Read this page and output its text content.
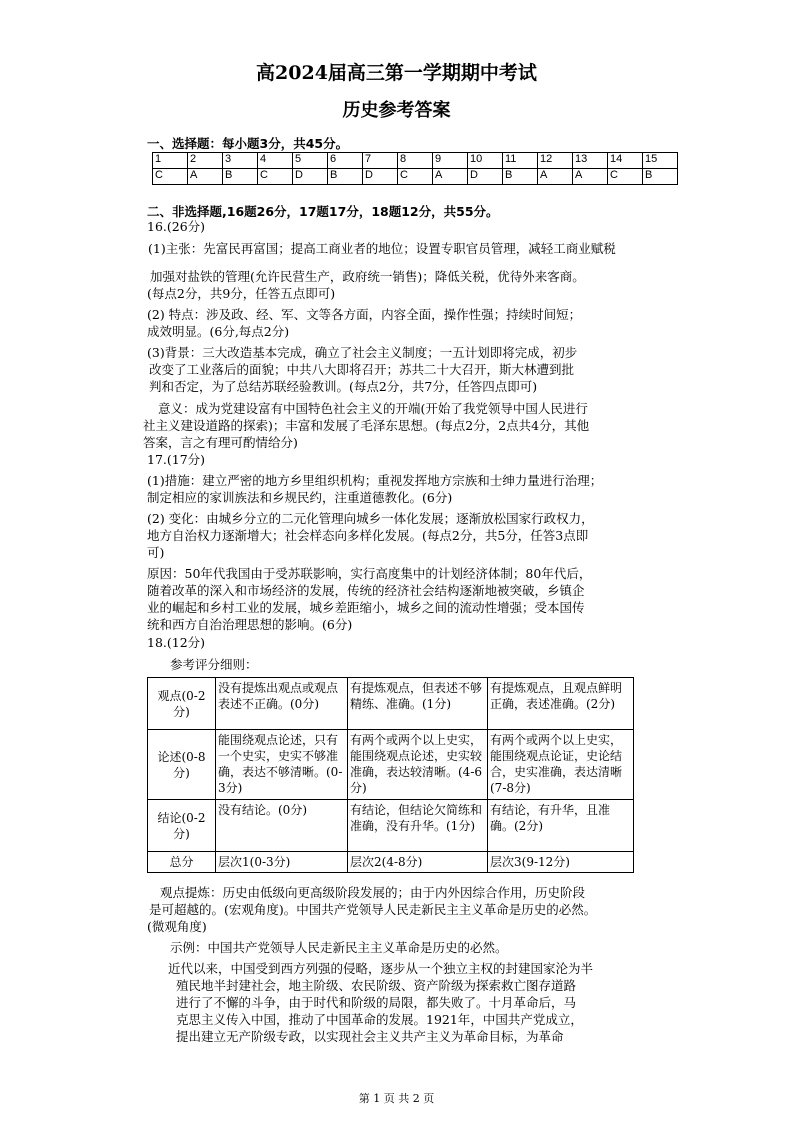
高2024届高三第一学期期中考试
历史参考答案
一、选择题：每小题3分，共45分。
1	2	3	4	5	6	7	8	9	10	11	12	13	14	15
C	A	B	C	D	B	D	C	A	D	B	A	A	C	B
二、非选择题,16题26分，17题17分，18题12分，共55分。
16.(26分)
(1)主张：先富民再富国；提高工商业者的地位；设置专职官员管理，减轻工商业赋税
加强对盐铁的管理(允许民营生产，政府统一销售)；降低关税，优待外来客商。
(每点2分，共9分，任答五点即可)
(2) 特点：涉及政、经、军、文等各方面，内容全面，操作性强；持续时间短；
成效明显。(6分,每点2分)
(3)背景：三大改造基本完成，确立了社会主义制度；一五计划即将完成，初步
改变了工业落后的面貌；中共八大即将召开；苏共二十大召开，斯大林遭到批
判和否定，为了总结苏联经验教训。(每点2分，共7分，任答四点即可)
意义：成为党建设富有中国特色社会主义的开端(开始了我党领导中国人民进行
社主义建设道路的探索)；丰富和发展了毛泽东思想。(每点2分，2点共4分，其他
答案，言之有理可酌情给分)
17.(17分)
(1)措施：建立严密的地方乡里组织机构；重视发挥地方宗族和士绅力量进行治理；
制定相应的家训族法和乡规民约，注重道德教化。(6分)
(2) 变化：由城乡分立的二元化管理向城乡一体化发展；逐渐放松国家行政权力，
地方自治权力逐渐增大；社会样态向多样化发展。(每点2分，共5分，任答3点即
可)
原因：50年代我国由于受苏联影响，实行高度集中的计划经济体制；80年代后，
随着改革的深入和市场经济的发展，传统的经济社会结构逐渐地被突破，乡镇企
业的崛起和乡村工业的发展，城乡差距缩小，城乡之间的流动性增强；受本国传
统和西方自治治理思想的影响。(6分)
18.(12分)
参考评分细则：
观点(0-2分)	没有提炼出观点或观点表述不正确。(0分)	有提炼观点，但表述不够精练、准确。(1分)	有提炼观点，且观点鲜明正确，表述准确。(2分)
论述(0-8分)	能围绕观点论述，只有一个史实，史实不够准确，表达不够清晰。(0-3分)	有两个或两个以上史实，能围绕观点论述，史实较准确，表达较清晰。(4-6分)	有两个或两个以上史实，能围绕观点论证，史论结合，史实准确，表达清晰(7-8分)
结论(0-2分)	没有结论。(0分)	有结论，但结论欠简练和准确，没有升华。(1分)	有结论，有升华，且准确。(2分)
总分	层次1(0-3分)	层次2(4-8分)	层次3(9-12分)
观点提炼：历史由低级向更高级阶段发展的；由于内外因综合作用，历史阶段
是可超越的。(宏观角度)。中国共产党领导人民走新民主主义革命是历史的必然。
(微观角度)
示例：中国共产党领导人民走新民主主义革命是历史的必然。
近代以来，中国受到西方列强的侵略，逐步从一个独立主权的封建国家沦为半
殖民地半封建社会，地主阶级、农民阶级、资产阶级为探索救亡图存道路
进行了不懈的斗争，由于时代和阶级的局限，都失败了。十月革命后，马
克思主义传入中国，推动了中国革命的发展。1921年，中国共产党成立，
提出建立无产阶级专政，以实现社会主义共产主义为革命目标，为革命
第 1 页 共 2 页
